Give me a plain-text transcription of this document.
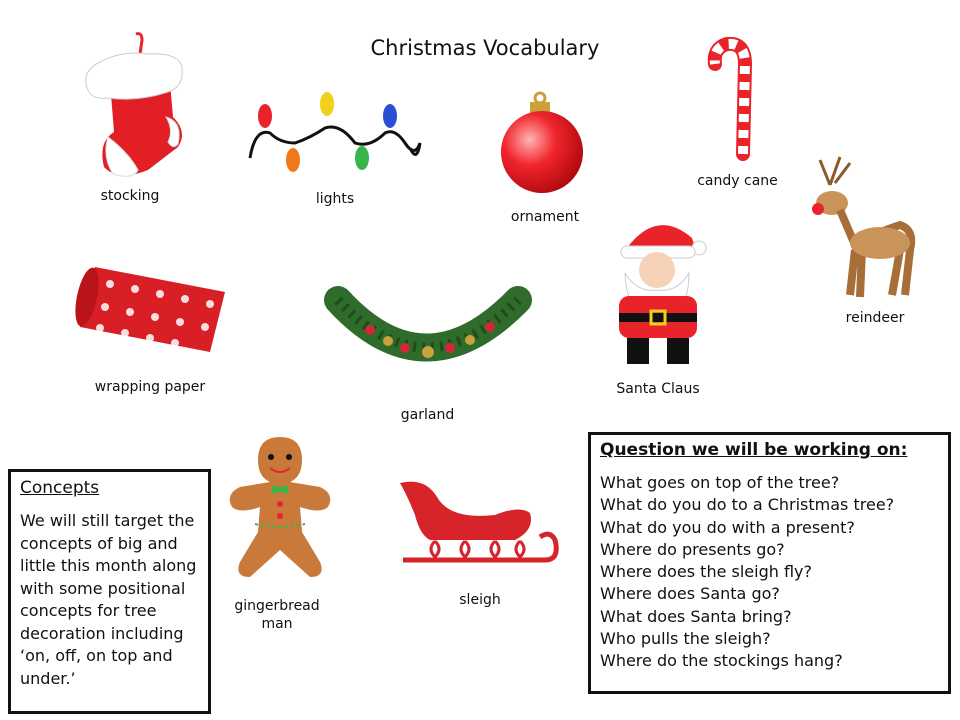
Christmas Vocabulary
stocking	lights
ornament
candy cane
reindeer
wrapping paper
garland
Santa Claus
gingerbread
man
sleigh
Concepts

We will still target the concepts of big and little this month along with some positional concepts for tree decoration including ‘on, off, on top and under.’

Question we will be working on:
What goes on top of the tree?
What do you do to a Christmas tree?
What do you do with a present?
Where do presents go?
Where does the sleigh fly?
Where does Santa go?
What does Santa bring?
Who pulls the sleigh?
Where do the stockings hang?
